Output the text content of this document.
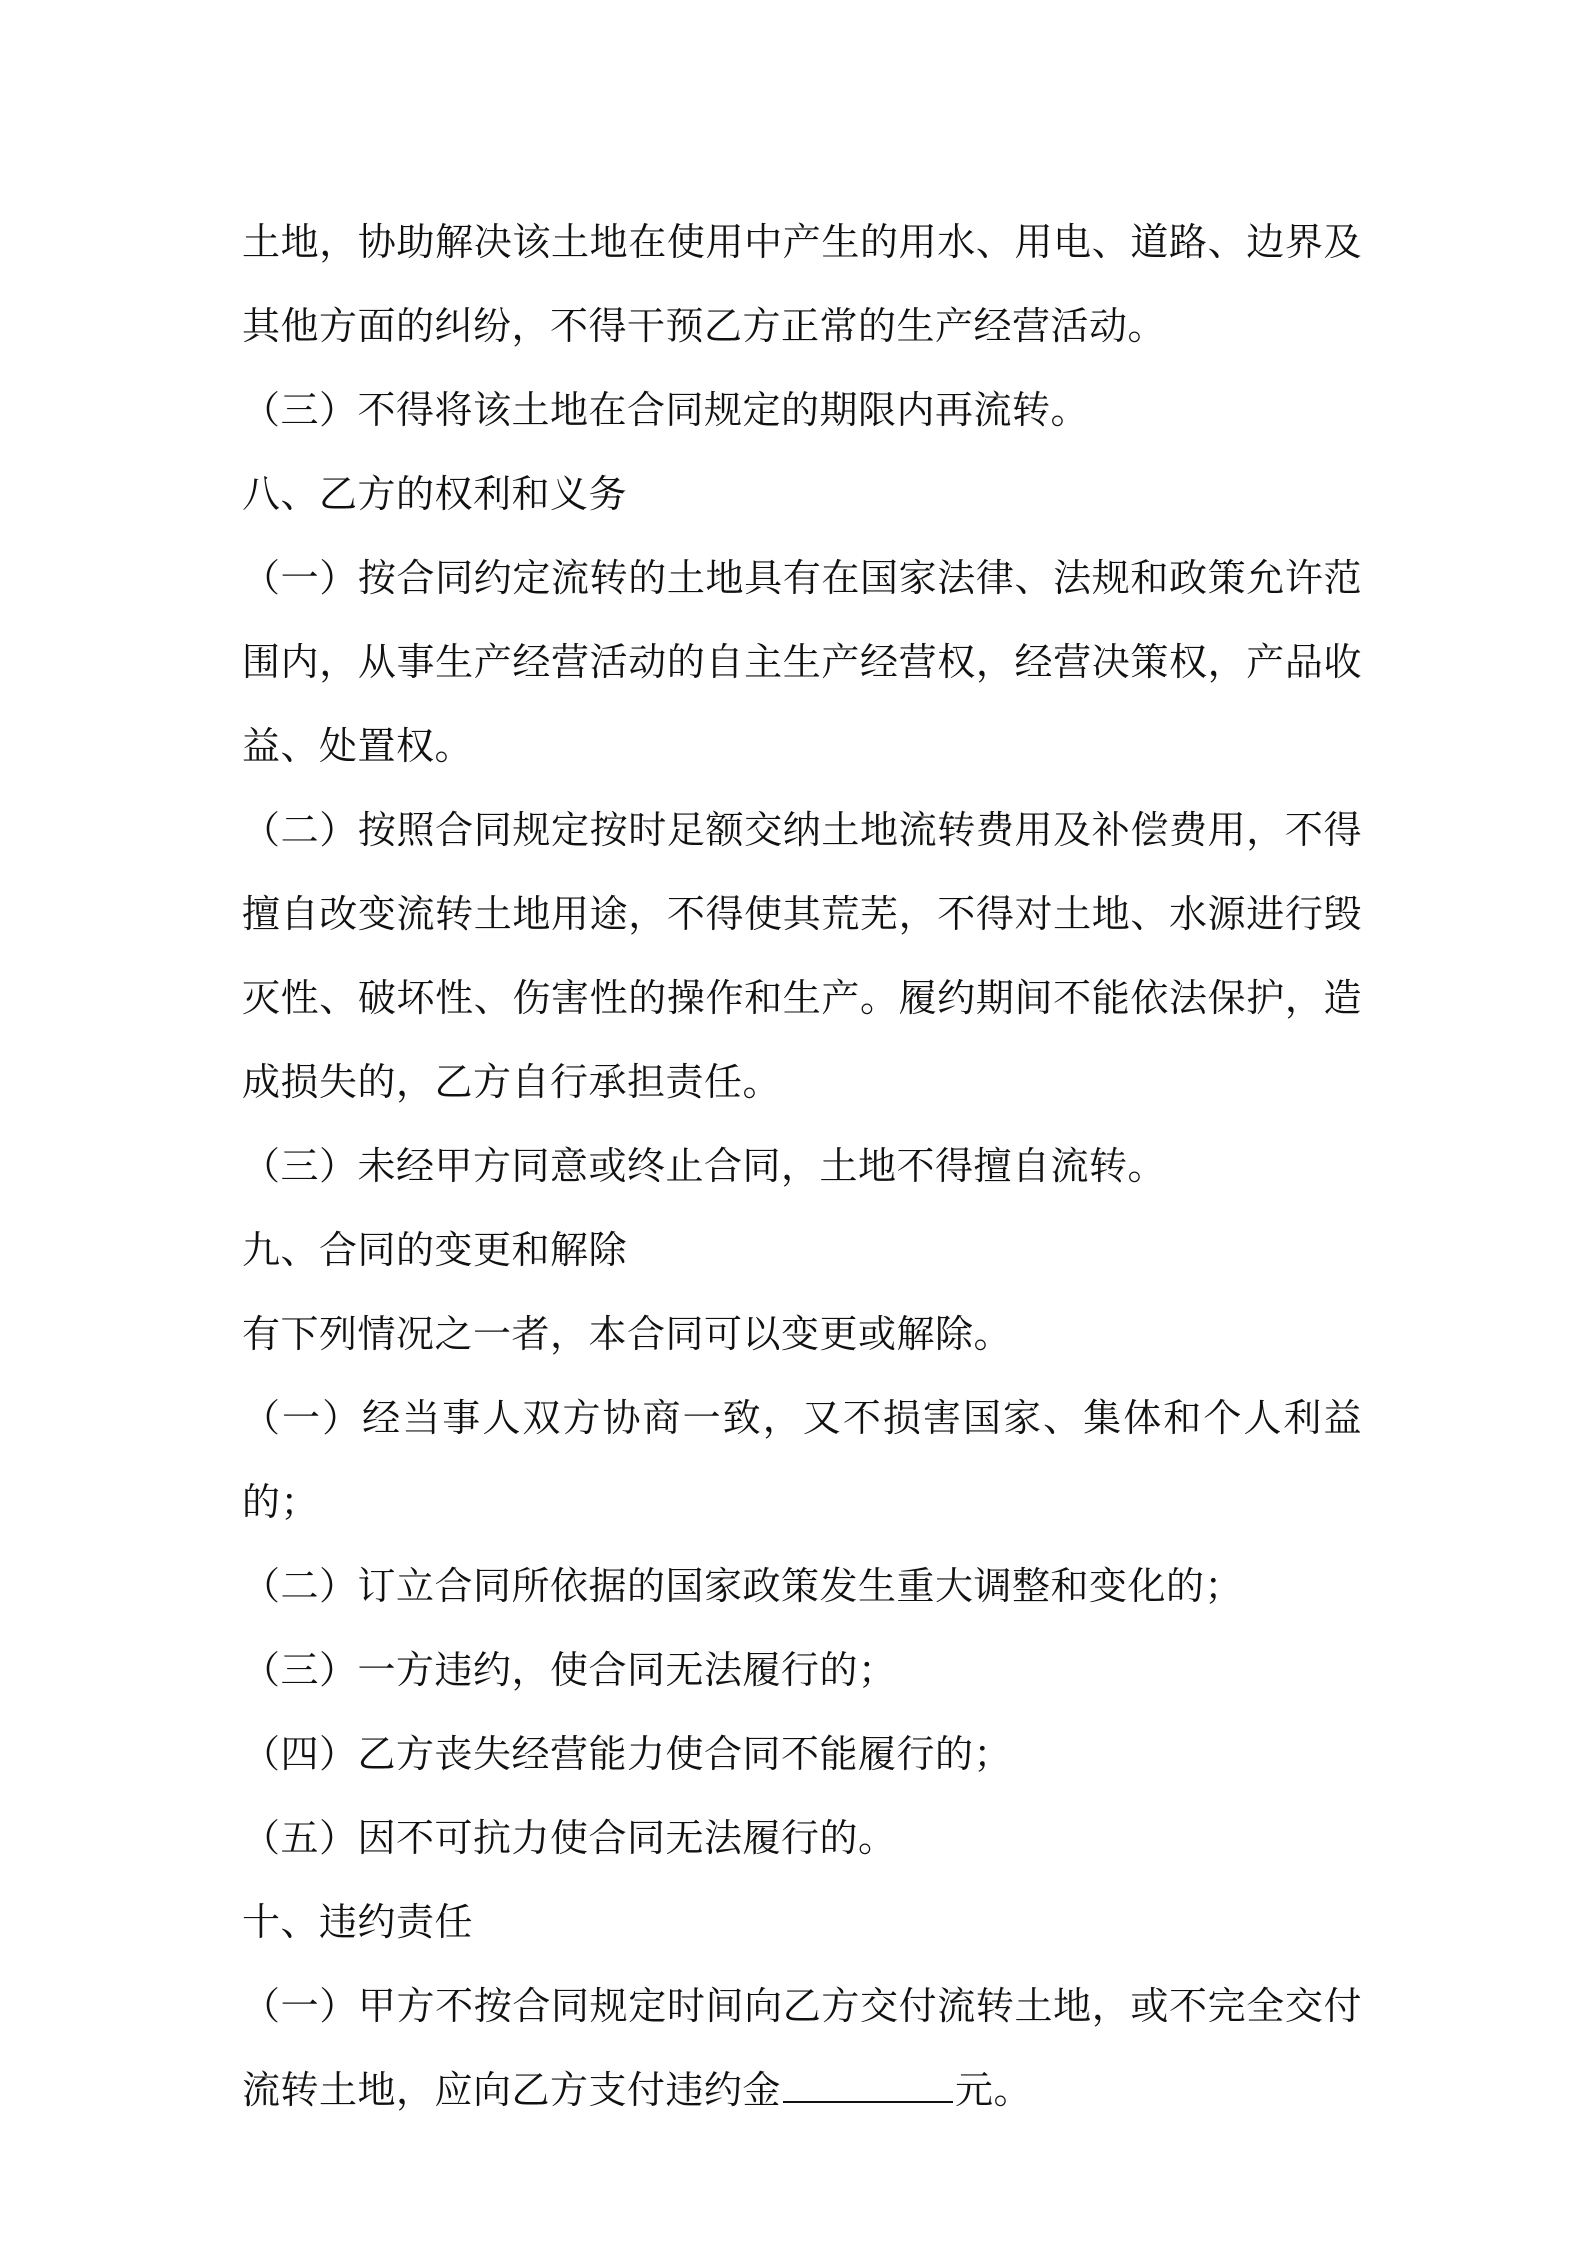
土地，协助解决该土地在使用中产生的用水、用电、道路、边界及其他方面的纠纷，不得干预乙方正常的生产经营活动。

（三）不得将该土地在合同规定的期限内再流转。

八、乙方的权利和义务

（一）按合同约定流转的土地具有在国家法律、法规和政策允许范围内，从事生产经营活动的自主生产经营权，经营决策权，产品收益、处置权。

（二）按照合同规定按时足额交纳土地流转费用及补偿费用，不得擅自改变流转土地用途，不得使其荒芜，不得对土地、水源进行毁灭性、破坏性、伤害性的操作和生产。履约期间不能依法保护，造成损失的，乙方自行承担责任。

（三）未经甲方同意或终止合同，土地不得擅自流转。

九、合同的变更和解除

有下列情况之一者，本合同可以变更或解除。

（一）经当事人双方协商一致，又不损害国家、集体和个人利益的；

（二）订立合同所依据的国家政策发生重大调整和变化的；

（三）一方违约，使合同无法履行的；

（四）乙方丧失经营能力使合同不能履行的；

（五）因不可抗力使合同无法履行的。

十、违约责任

（一）甲方不按合同规定时间向乙方交付流转土地，或不完全交付流转土地，应向乙方支付违约金	元。
